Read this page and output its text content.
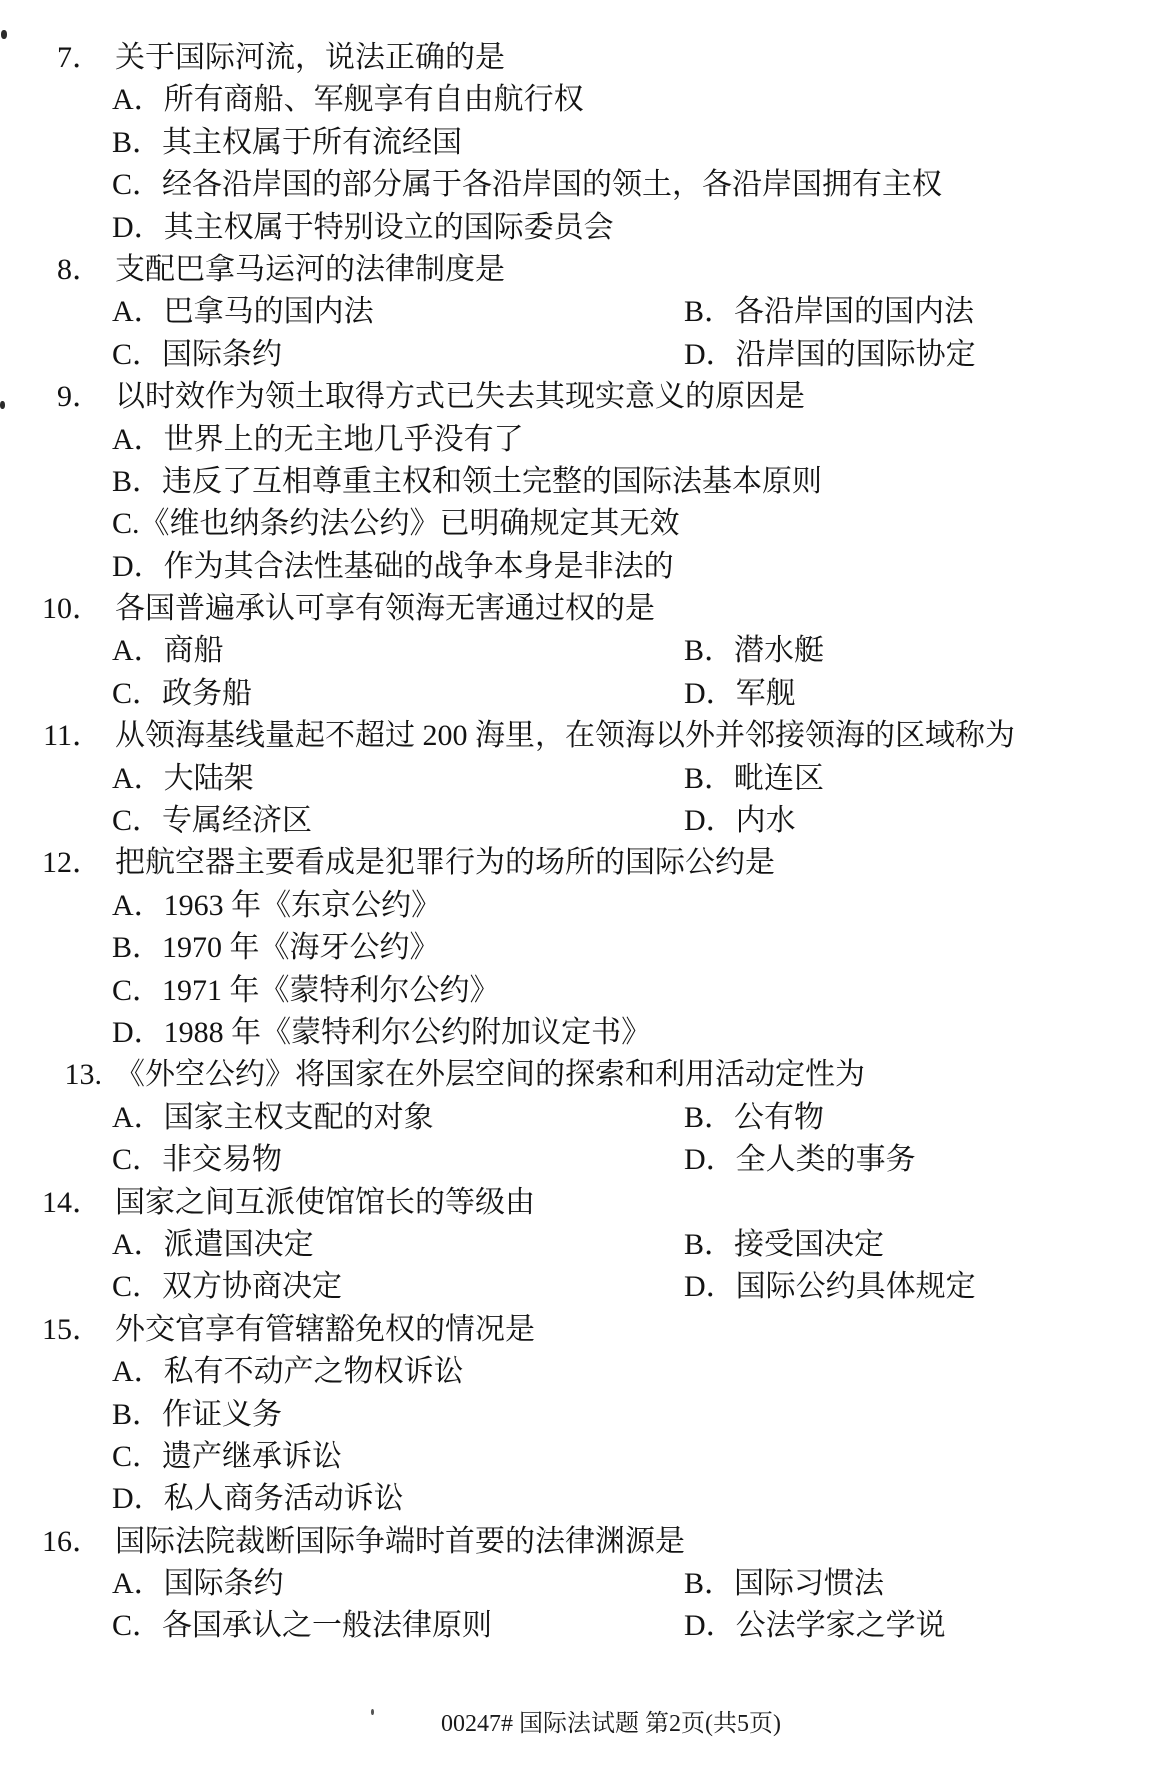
7． 关于国际河流，说法正确的是
A．所有商船、军舰享有自由航行权
B．其主权属于所有流经国
C．经各沿岸国的部分属于各沿岸国的领土，各沿岸国拥有主权
D．其主权属于特别设立的国际委员会
8． 支配巴拿马运河的法律制度是
A．巴拿马的国内法	B．各沿岸国的国内法
C．国际条约	D．沿岸国的国际协定
9． 以时效作为领土取得方式已失去其现实意义的原因是
A．世界上的无主地几乎没有了
B．违反了互相尊重主权和领土完整的国际法基本原则
C.《维也纳条约法公约》已明确规定其无效
D．作为其合法性基础的战争本身是非法的
10． 各国普遍承认可享有领海无害通过权的是
A．商船	B．潜水艇
C．政务船	D．军舰
11． 从领海基线量起不超过 200 海里，在领海以外并邻接领海的区域称为
A．大陆架	B．毗连区
C．专属经济区	D．内水
12． 把航空器主要看成是犯罪行为的场所的国际公约是
A．1963 年《东京公约》
B．1970 年《海牙公约》
C．1971 年《蒙特利尔公约》
D．1988 年《蒙特利尔公约附加议定书》
13. 《外空公约》将国家在外层空间的探索和利用活动定性为
A．国家主权支配的对象	B．公有物
C．非交易物	D．全人类的事务
14． 国家之间互派使馆馆长的等级由
A．派遣国决定	B．接受国决定
C．双方协商决定	D．国际公约具体规定
15． 外交官享有管辖豁免权的情况是
A．私有不动产之物权诉讼
B．作证义务
C．遗产继承诉讼
D．私人商务活动诉讼
16． 国际法院裁断国际争端时首要的法律渊源是
A．国际条约	B．国际习惯法
C．各国承认之一般法律原则	D．公法学家之学说
00247# 国际法试题 第2页(共5页)
